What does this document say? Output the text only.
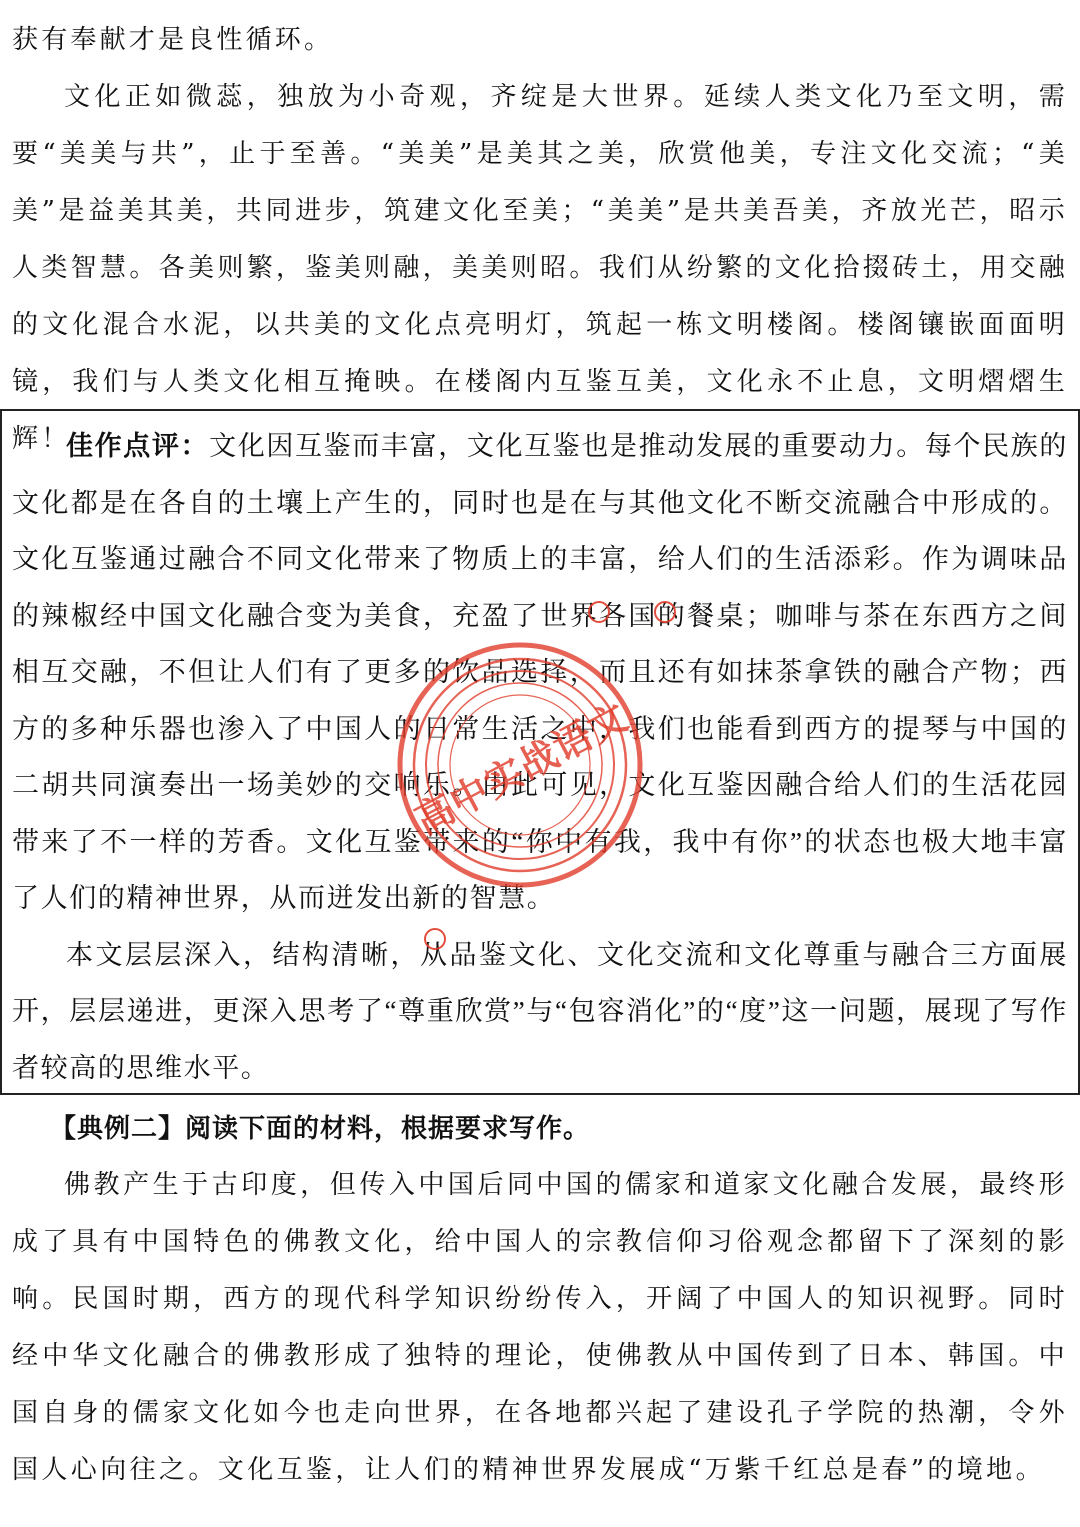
获有奉献才是良性循环。

文化正如微蕊，独放为小奇观，齐绽是大世界。延续人类文化乃至文明，需要“美美与共”，止于至善。“美美”是美其之美，欣赏他美，专注文化交流；“美美”是益美其美，共同进步，筑建文化至美；“美美”是共美吾美，齐放光芒，昭示人类智慧。各美则繁，鉴美则融，美美则昭。我们从纷繁的文化拾掇砖土，用交融的文化混合水泥，以共美的文化点亮明灯，筑起一栋文明楼阁。楼阁镶嵌面面明镜，我们与人类文化相互掩映。在楼阁内互鉴互美，文化永不止息，文明熠熠生辉！

佳作点评：文化因互鉴而丰富，文化互鉴也是推动发展的重要动力。每个民族的文化都是在各自的土壤上产生的，同时也是在与其他文化不断交流融合中形成的。文化互鉴通过融合不同文化带来了物质上的丰富，给人们的生活添彩。作为调味品的辣椒经中国文化融合变为美食，充盈了世界各国的餐桌；咖啡与茶在东西方之间相互交融，不但让人们有了更多的饮品选择，而且还有如抹茶拿铁的融合产物；西方的多种乐器也渗入了中国人的日常生活之中，我们也能看到西方的提琴与中国的二胡共同演奏出一场美妙的交响乐。由此可见，文化互鉴因融合给人们的生活花园带来了不一样的芳香。文化互鉴带来的“你中有我，我中有你”的状态也极大地丰富了人们的精神世界，从而迸发出新的智慧。

本文层层深入，结构清晰，从品鉴文化、文化交流和文化尊重与融合三方面展开，层层递进，更深入思考了“尊重欣赏”与“包容消化”的“度”这一问题，展现了写作者较高的思维水平。

【典例二】阅读下面的材料，根据要求写作。

佛教产生于古印度，但传入中国后同中国的儒家和道家文化融合发展，最终形成了具有中国特色的佛教文化，给中国人的宗教信仰习俗观念都留下了深刻的影响。民国时期，西方的现代科学知识纷纷传入，开阔了中国人的知识视野。同时经中华文化融合的佛教形成了独特的理论，使佛教从中国传到了日本、韩国。中国自身的儒家文化如今也走向世界，在各地都兴起了建设孔子学院的热潮，令外国人心向往之。文化互鉴，让人们的精神世界发展成“万紫千红总是春”的境地。

高中实战语文
